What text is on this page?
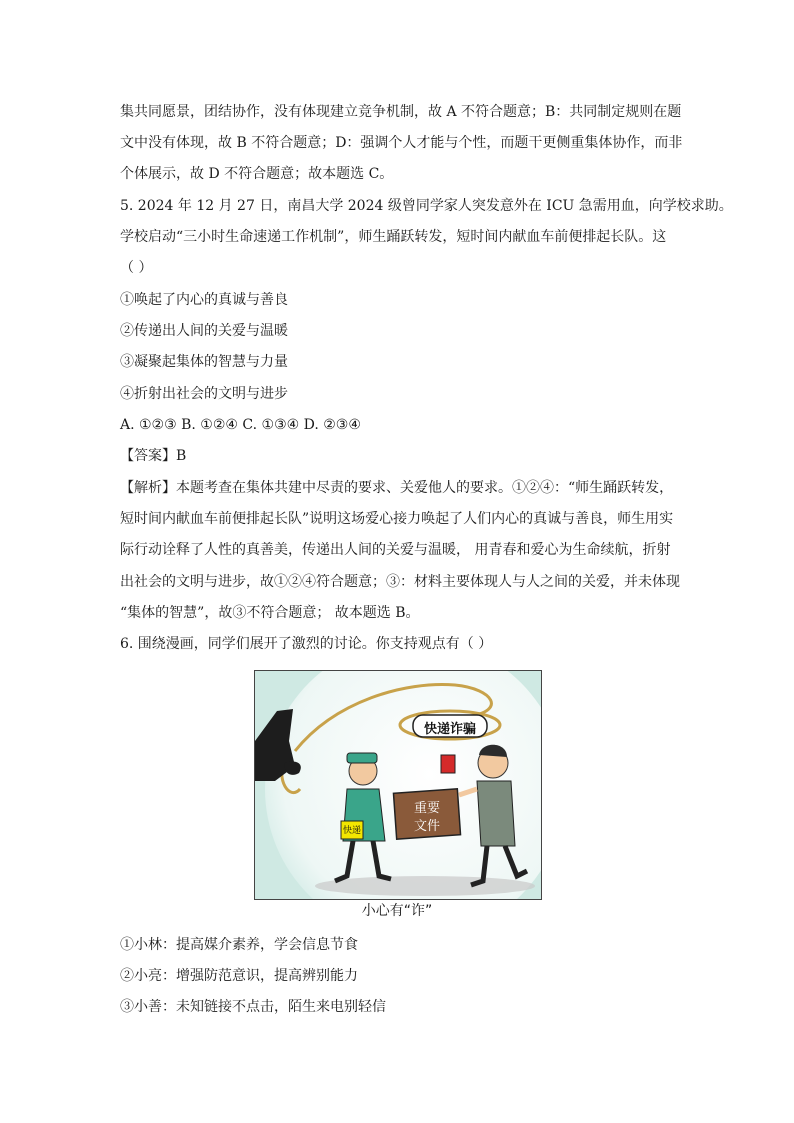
集共同愿景，团结协作，没有体现建立竞争机制，故 A 不符合题意；B：共同制定规则在题
文中没有体现，故 B 不符合题意；D：强调个人才能与个性，而题干更侧重集体协作，而非
个体展示，故 D 不符合题意；故本题选 C。
5. 2024 年 12 月 27 日，南昌大学 2024 级曾同学家人突发意外在 ICU 急需用血，向学校求助。
学校启动“三小时生命速递工作机制”，师生踊跃转发，短时间内献血车前便排起长队。这
（ ）
①唤起了内心的真诚与善良
②传递出人间的关爱与温暖
③凝聚起集体的智慧与力量
④折射出社会的文明与进步
A. ①②③ B. ①②④ C. ①③④ D. ②③④
【答案】B
【解析】本题考查在集体共建中尽责的要求、关爱他人的要求。①②④：“师生踊跃转发，
短时间内献血车前便排起长队”说明这场爱心接力唤起了人们内心的真诚与善良，师生用实
际行动诠释了人性的真善美，传递出人间的关爱与温暖， 用青春和爱心为生命续航，折射
出社会的文明与进步，故①②④符合题意；③：材料主要体现人与人之间的关爱，并未体现
“集体的智慧”，故③不符合题意； 故本题选 B。
6. 围绕漫画，同学们展开了激烈的讨论。你支持观点有（ ）
快递诈骗
重要
文件
快递
小心有“诈”
①小林：提高媒介素养，学会信息节食
②小亮：增强防范意识，提高辨别能力
③小善：未知链接不点击，陌生来电别轻信
